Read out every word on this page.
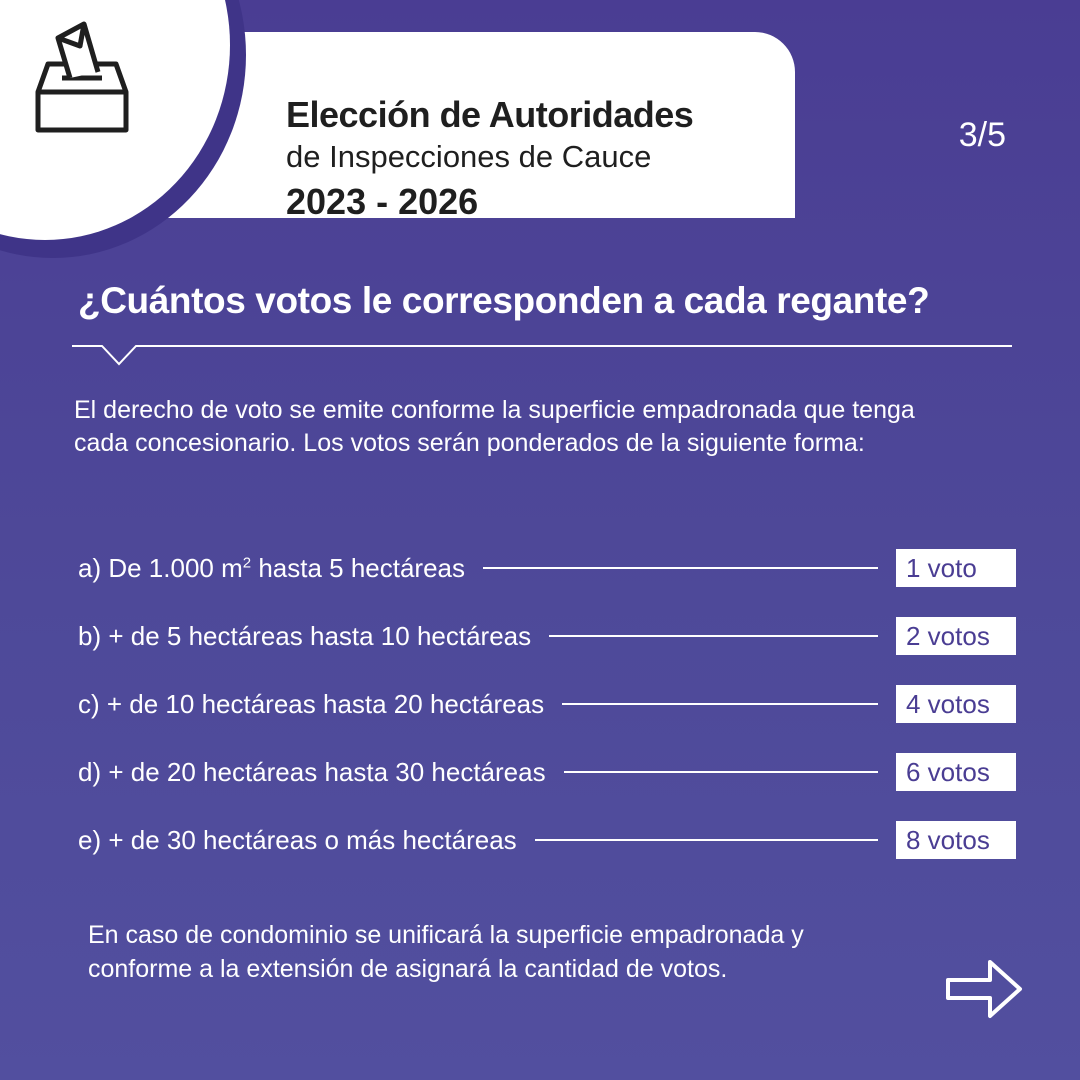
Elección de Autoridades
de Inspecciones de Cauce
2023 - 2026
3/5
¿Cuántos votos le corresponden a cada regante?
El derecho de voto se emite conforme la superficie empadronada que tenga cada concesionario. Los votos serán ponderados de la siguiente forma:
a) De 1.000 $m^2$ hasta 5 hectáreas	1 voto
b) + de 5 hectáreas hasta 10 hectáreas	2 votos
c) + de 10 hectáreas hasta 20 hectáreas	4 votos
d) + de 20 hectáreas hasta 30 hectáreas	6 votos
e) + de 30 hectáreas o más hectáreas	8 votos
En caso de condominio se unificará la superficie empadronada y conforme a la extensión de asignará la cantidad de votos.
